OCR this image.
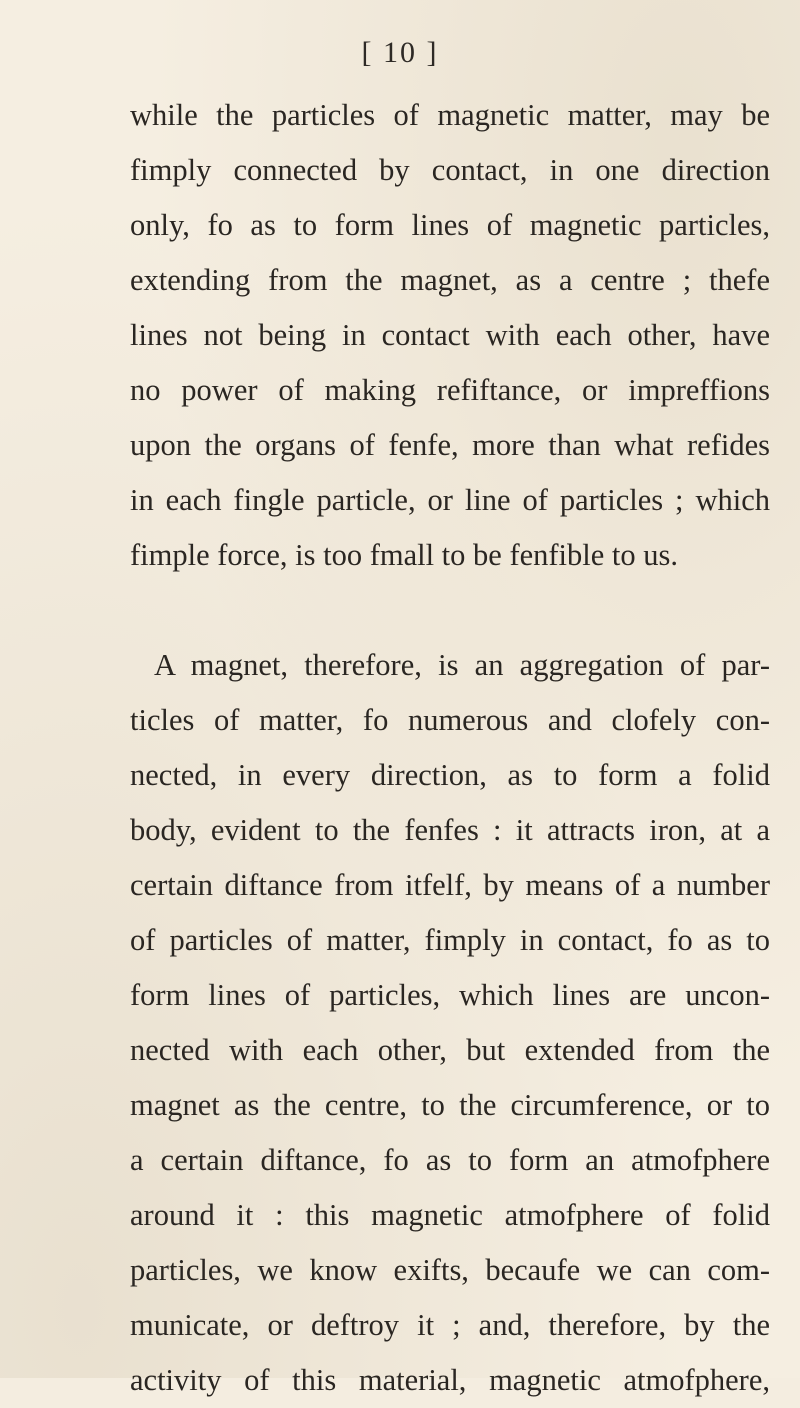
[ 10 ]
while the particles of magnetic matter, may be
fimply connected by contact, in one direction
only, fo as to form lines of magnetic particles,
extending from the magnet, as a centre ; thefe
lines not being in contact with each other, have
no power of making refiftance, or impreffions
upon the organs of fenfe, more than what refides
in each fingle particle, or line of particles ; which
fimple force, is too fmall to be fenfible to us.
A magnet, therefore, is an aggregation of par-
ticles of matter, fo numerous and clofely con-
nected, in every direction, as to form a folid
body, evident to the fenfes : it attracts iron, at a
certain diftance from itfelf, by means of a number
of particles of matter, fimply in contact, fo as to
form lines of particles, which lines are uncon-
nected with each other, but extended from the
magnet as the centre, to the circumference, or to
a certain diftance, fo as to form an atmofphere
around it : this magnetic atmofphere of folid
particles, we know exifts, becaufe we can com-
municate, or deftroy it ; and, therefore, by the
activity of this material, magnetic atmofphere,
